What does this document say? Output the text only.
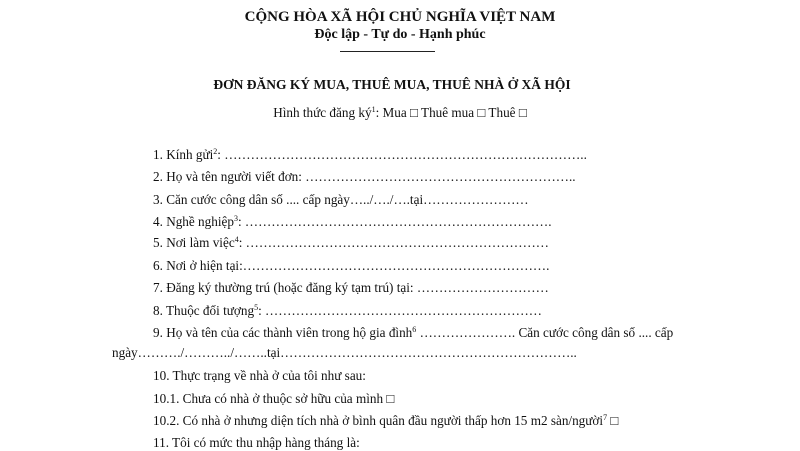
CỘNG HÒA XÃ HỘI CHỦ NGHĨA VIỆT NAM
Độc lập - Tự do - Hạnh phúc
ĐƠN ĐĂNG KÝ MUA, THUÊ MUA, THUÊ NHÀ Ở XÃ HỘI
Hình thức đăng $ký^1$: Mua □ Thuê mua □ Thuê □
1. Kính gửi$^2$: ………………………………………………………………………..
2. Họ và tên người viết đơn: ……………………………………………………..
3. Căn cước công dân số .... cấp ngày…../…./….tại……………………
4. Nghề nghiệp$^3$: …………………………………………………………….
5. Nơi làm việc$^4$: ……………………………………………………………
6. Nơi ở hiện tại:…………………………………………………………….
7. Đăng ký thường trú (hoặc đăng ký tạm trú) tại: …………………………
8. Thuộc đối tượng$^5$: ………………………………………………………
9. Họ và tên của các thành viên trong hộ gia đình$^6$ …………………. Căn cước công dân số .... cấp
ngày………./………../……..tại…………………………………………………………..
10. Thực trạng về nhà ở của tôi như sau:
10.1. Chưa có nhà ở thuộc sở hữu của mình □
10.2. Có nhà ở nhưng diện tích nhà ở bình quân đầu người thấp hơn 15 m2 sàn/người$^7$ □
11. Tôi có mức thu nhập hàng tháng là:
